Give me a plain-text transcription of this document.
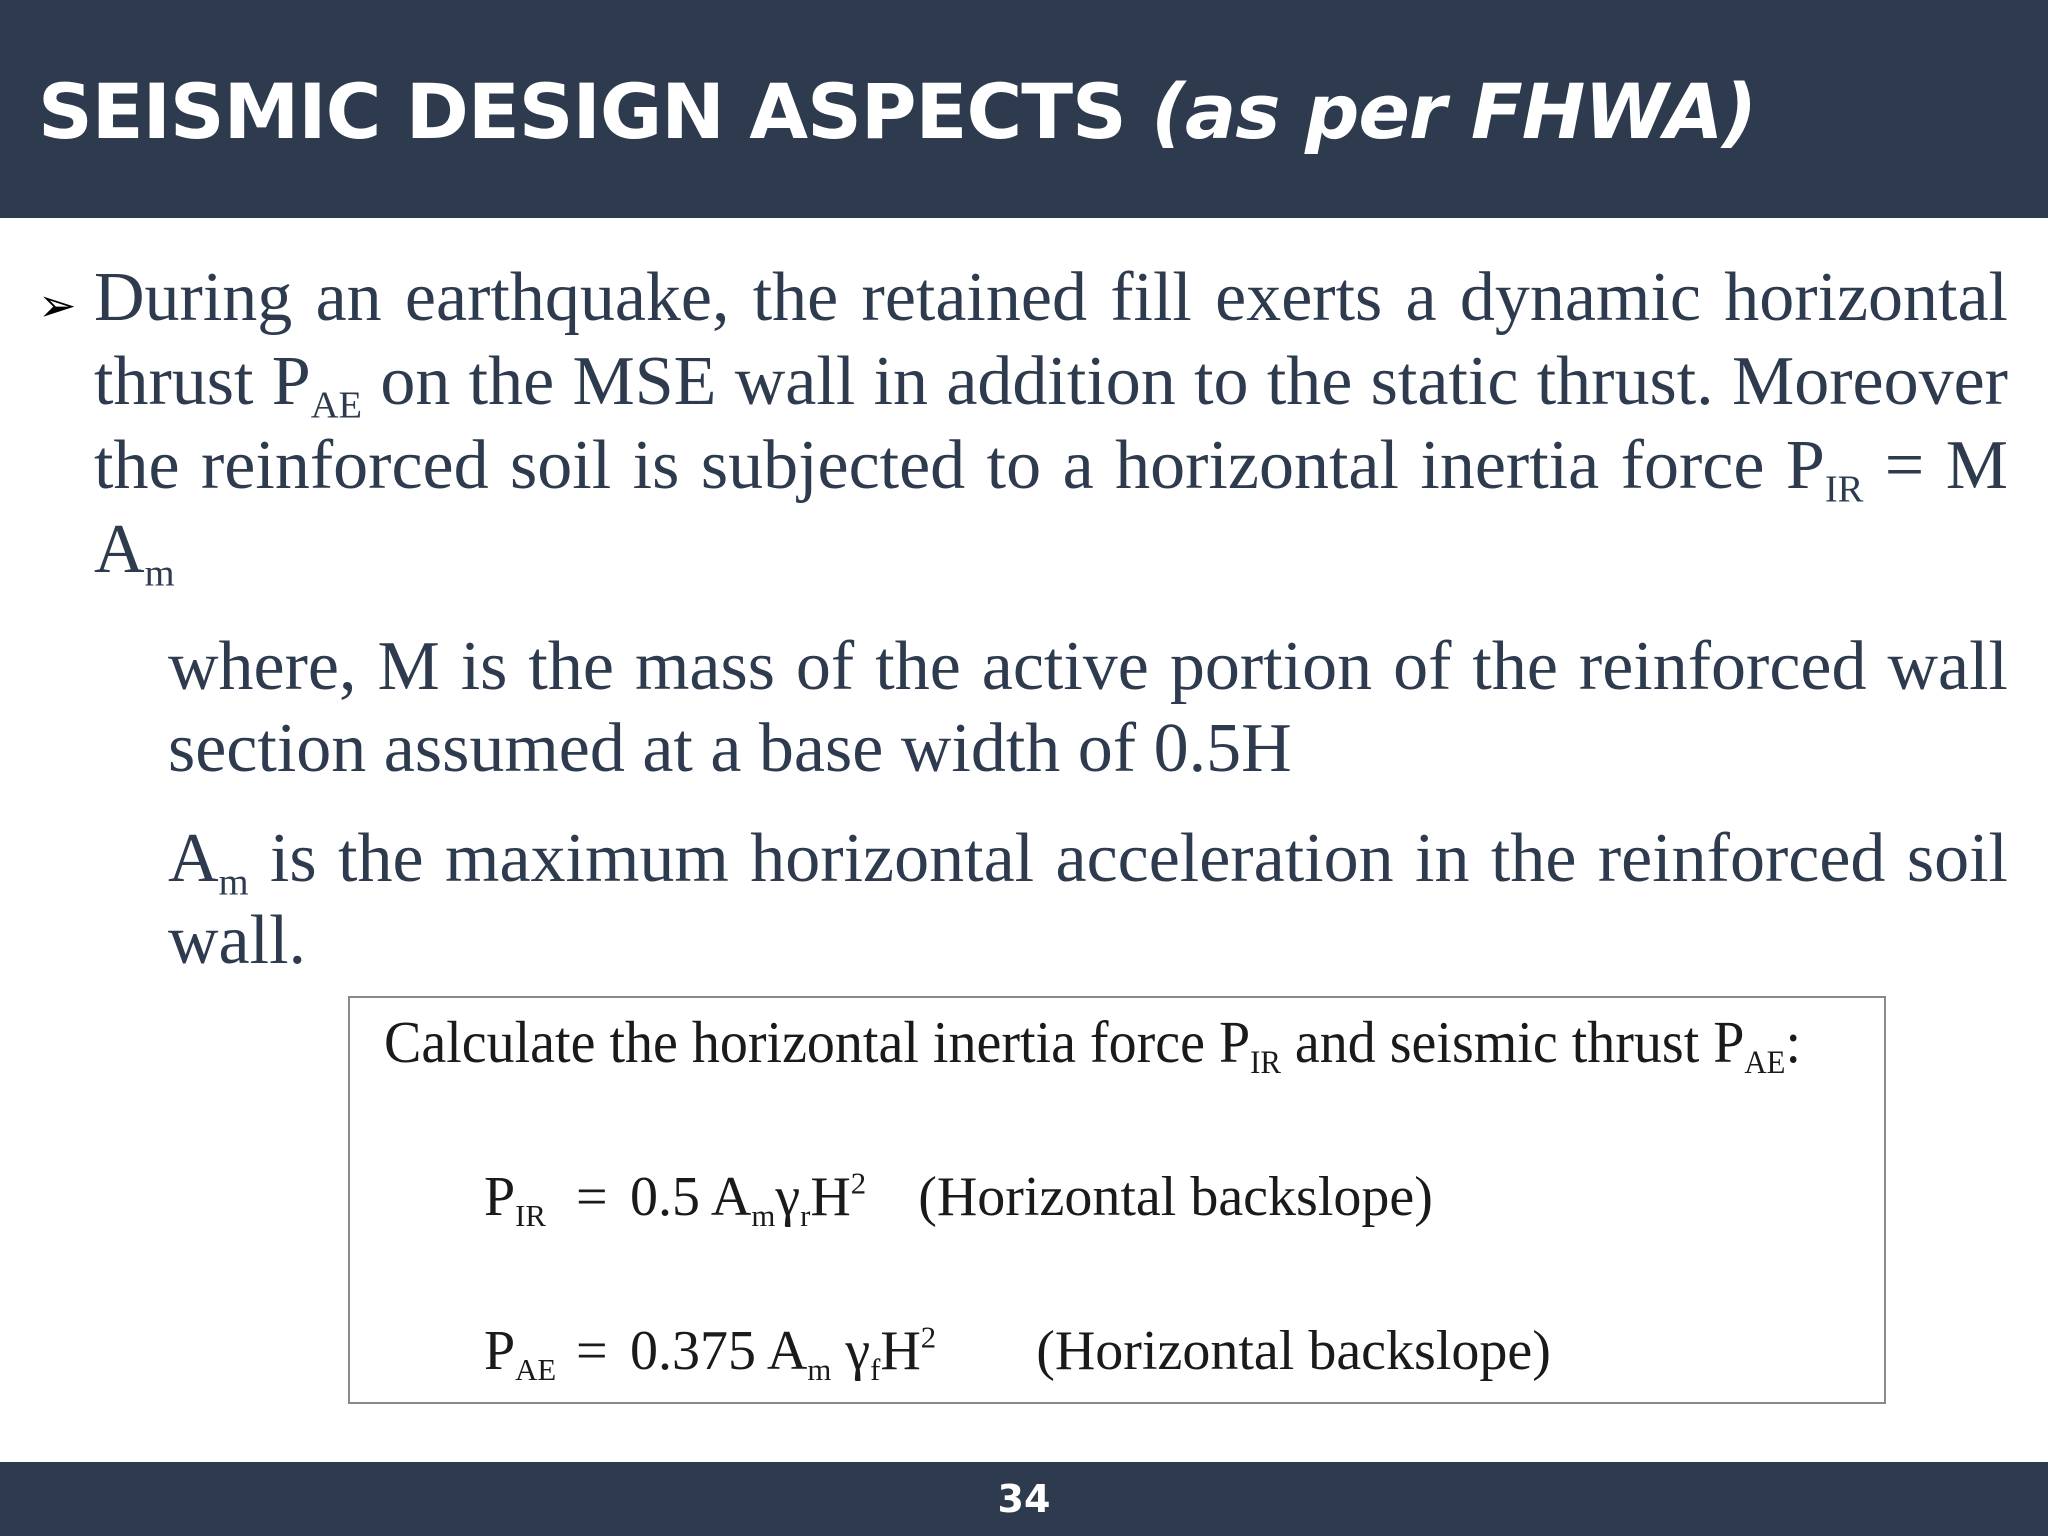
SEISMIC DESIGN ASPECTS (as per FHWA)
➢ During an earthquake, the retained fill exerts a dynamic horizontal thrust $P_{AE}$ on the MSE wall in addition to the static thrust. Moreover the reinforced soil is subjected to a horizontal inertia force $P_{IR} = M$ $A_m$

where, M is the mass of the active portion of the reinforced wall section assumed at a base width of 0.5H

$A_m$ is the maximum horizontal acceleration in the reinforced soil wall.

Calculate the horizontal inertia force $P_{IR}$ and seismic thrust $P_{AE}$:

$P_{IR} = 0.5$ $A_m\gamma_rH^2$ (Horizontal backslope)

$P_{AE} = 0.375$ $A_m$ $\gamma_fH^2$ (Horizontal backslope)

34
